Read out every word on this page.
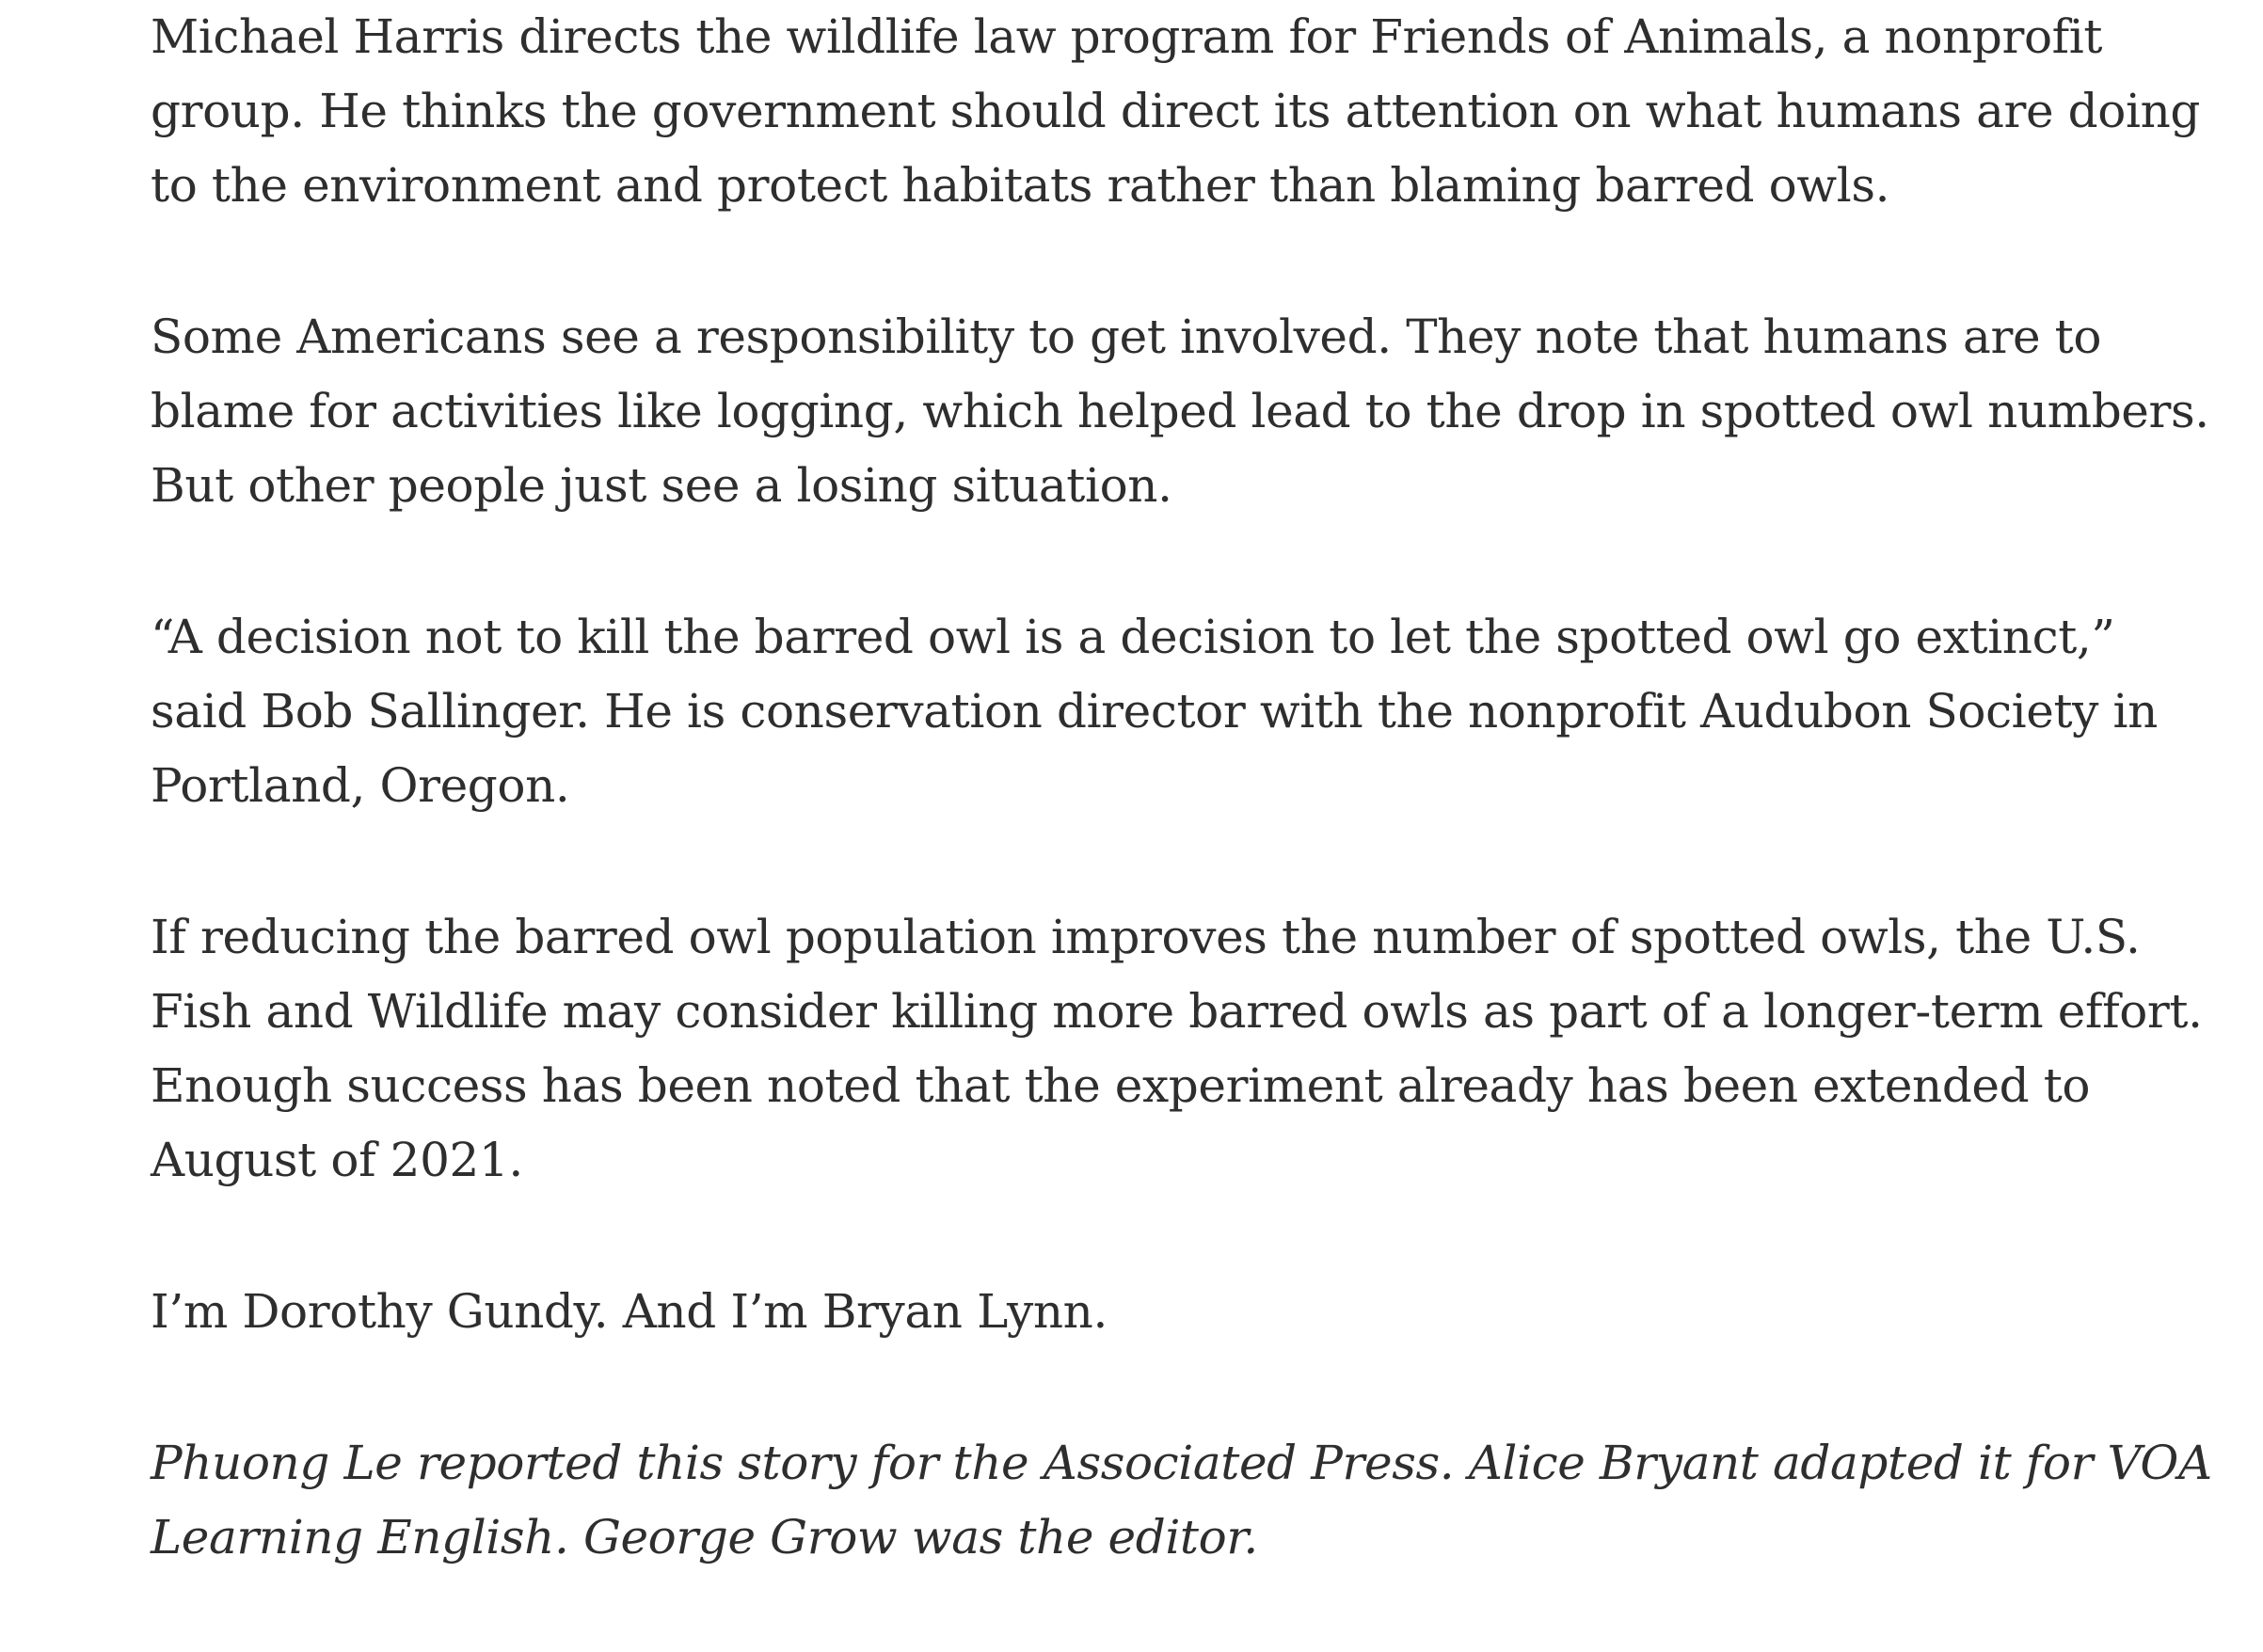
Michael Harris directs the wildlife law program for Friends of Animals, a nonprofit group. He thinks the government should direct its attention on what humans are doing to the environment and protect habitats rather than blaming barred owls.

Some Americans see a responsibility to get involved. They note that humans are to blame for activities like logging, which helped lead to the drop in spotted owl numbers. But other people just see a losing situation.

“A decision not to kill the barred owl is a decision to let the spotted owl go extinct,” said Bob Sallinger. He is conservation director with the nonprofit Audubon Society in Portland, Oregon.

If reducing the barred owl population improves the number of spotted owls, the U.S. Fish and Wildlife may consider killing more barred owls as part of a longer-term effort. Enough success has been noted that the experiment already has been extended to August of 2021.

I’m Dorothy Gundy. And I’m Bryan Lynn.

Phuong Le reported this story for the Associated Press. Alice Bryant adapted it for VOA Learning English. George Grow was the editor.
